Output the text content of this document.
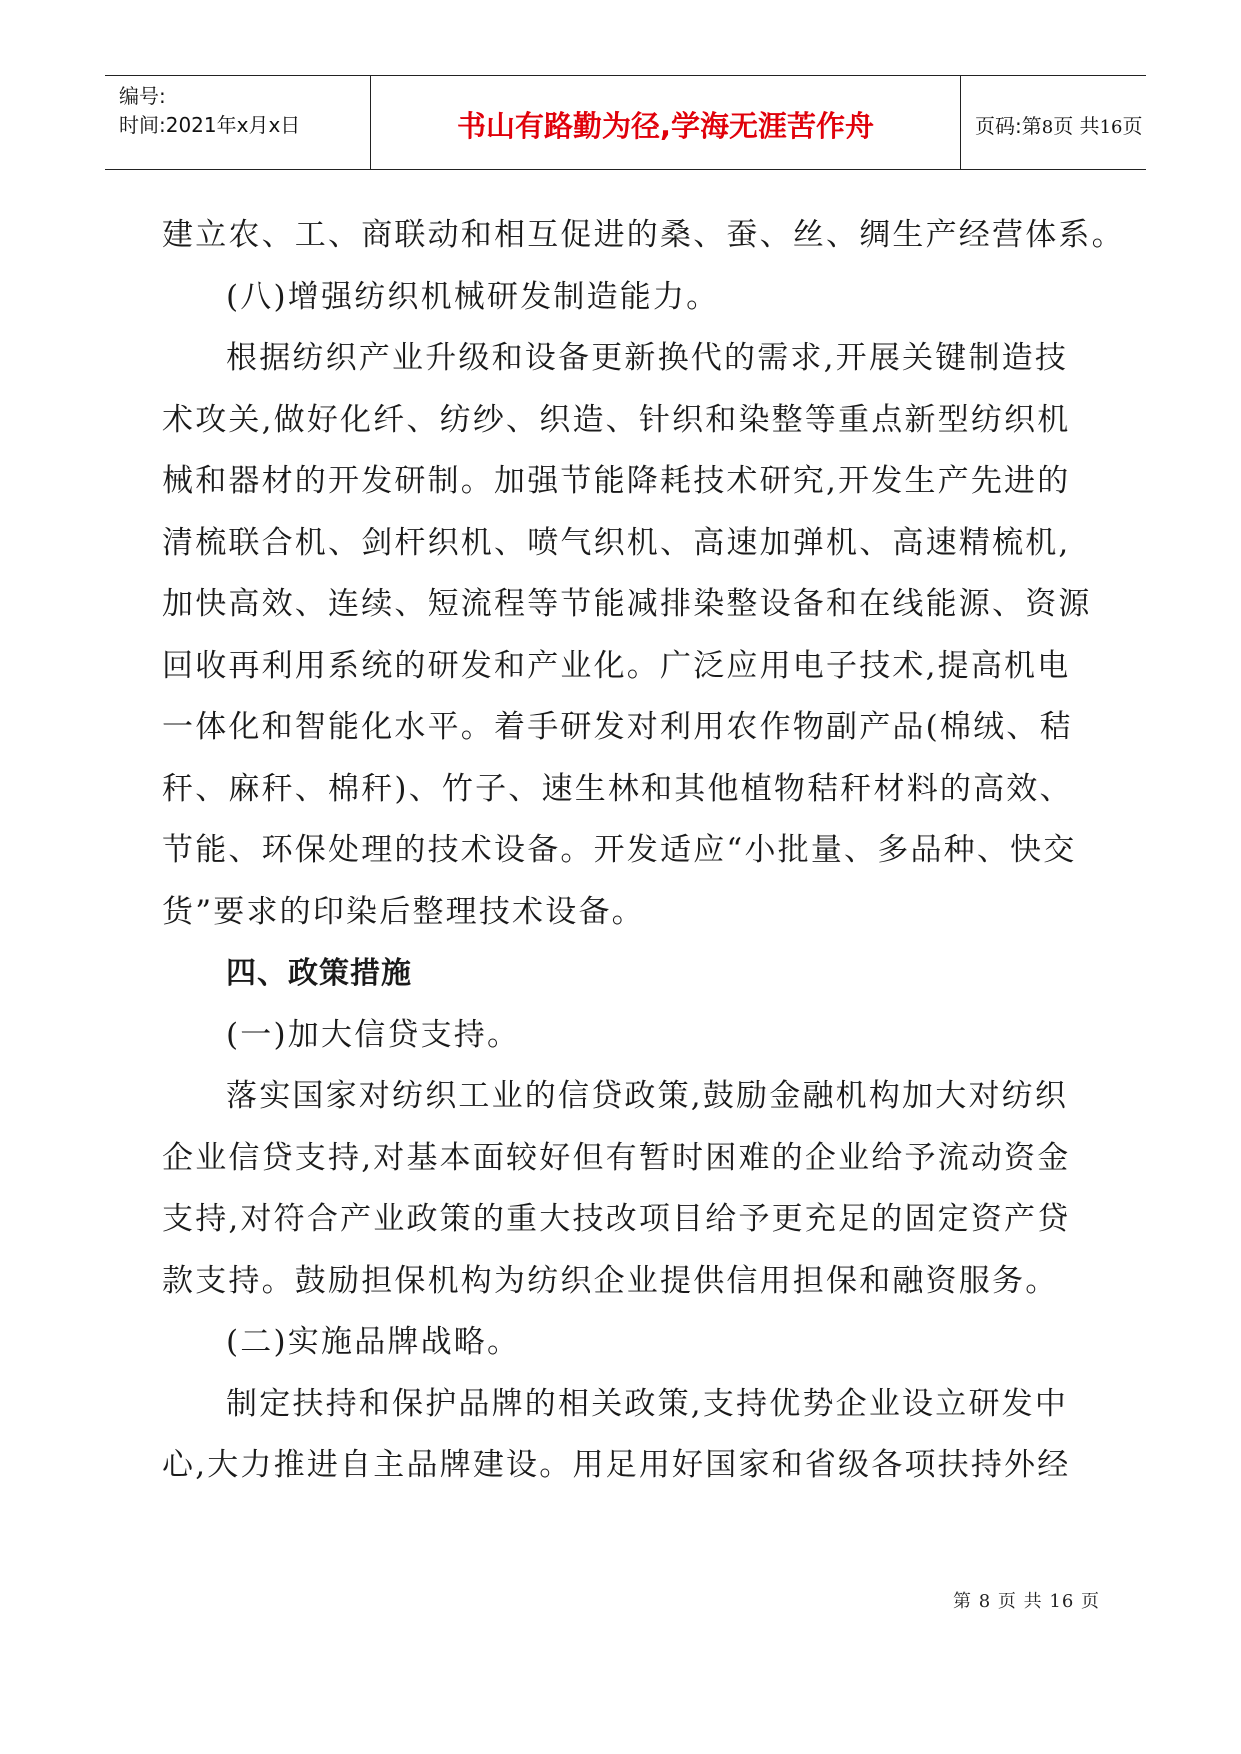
编号:
时间:2021年x月x日	书山有路勤为径,学海无涯苦作舟	页码:第8页 共16页
建立农、工、商联动和相互促进的桑、蚕、丝、绸生产经营体系。
(八)增强纺织机械研发制造能力。
根据纺织产业升级和设备更新换代的需求,开展关键制造技
术攻关,做好化纤、纺纱、织造、针织和染整等重点新型纺织机
械和器材的开发研制。加强节能降耗技术研究,开发生产先进的
清梳联合机、剑杆织机、喷气织机、高速加弹机、高速精梳机,
加快高效、连续、短流程等节能减排染整设备和在线能源、资源
回收再利用系统的研发和产业化。广泛应用电子技术,提高机电
一体化和智能化水平。着手研发对利用农作物副产品(棉绒、秸
秆、麻秆、棉秆)、竹子、速生林和其他植物秸秆材料的高效、
节能、环保处理的技术设备。开发适应“小批量、多品种、快交
货”要求的印染后整理技术设备。
四、政策措施
(一)加大信贷支持。
落实国家对纺织工业的信贷政策,鼓励金融机构加大对纺织
企业信贷支持,对基本面较好但有暂时困难的企业给予流动资金
支持,对符合产业政策的重大技改项目给予更充足的固定资产贷
款支持。鼓励担保机构为纺织企业提供信用担保和融资服务。
(二)实施品牌战略。
制定扶持和保护品牌的相关政策,支持优势企业设立研发中
心,大力推进自主品牌建设。用足用好国家和省级各项扶持外经
第 8 页 共 16 页
